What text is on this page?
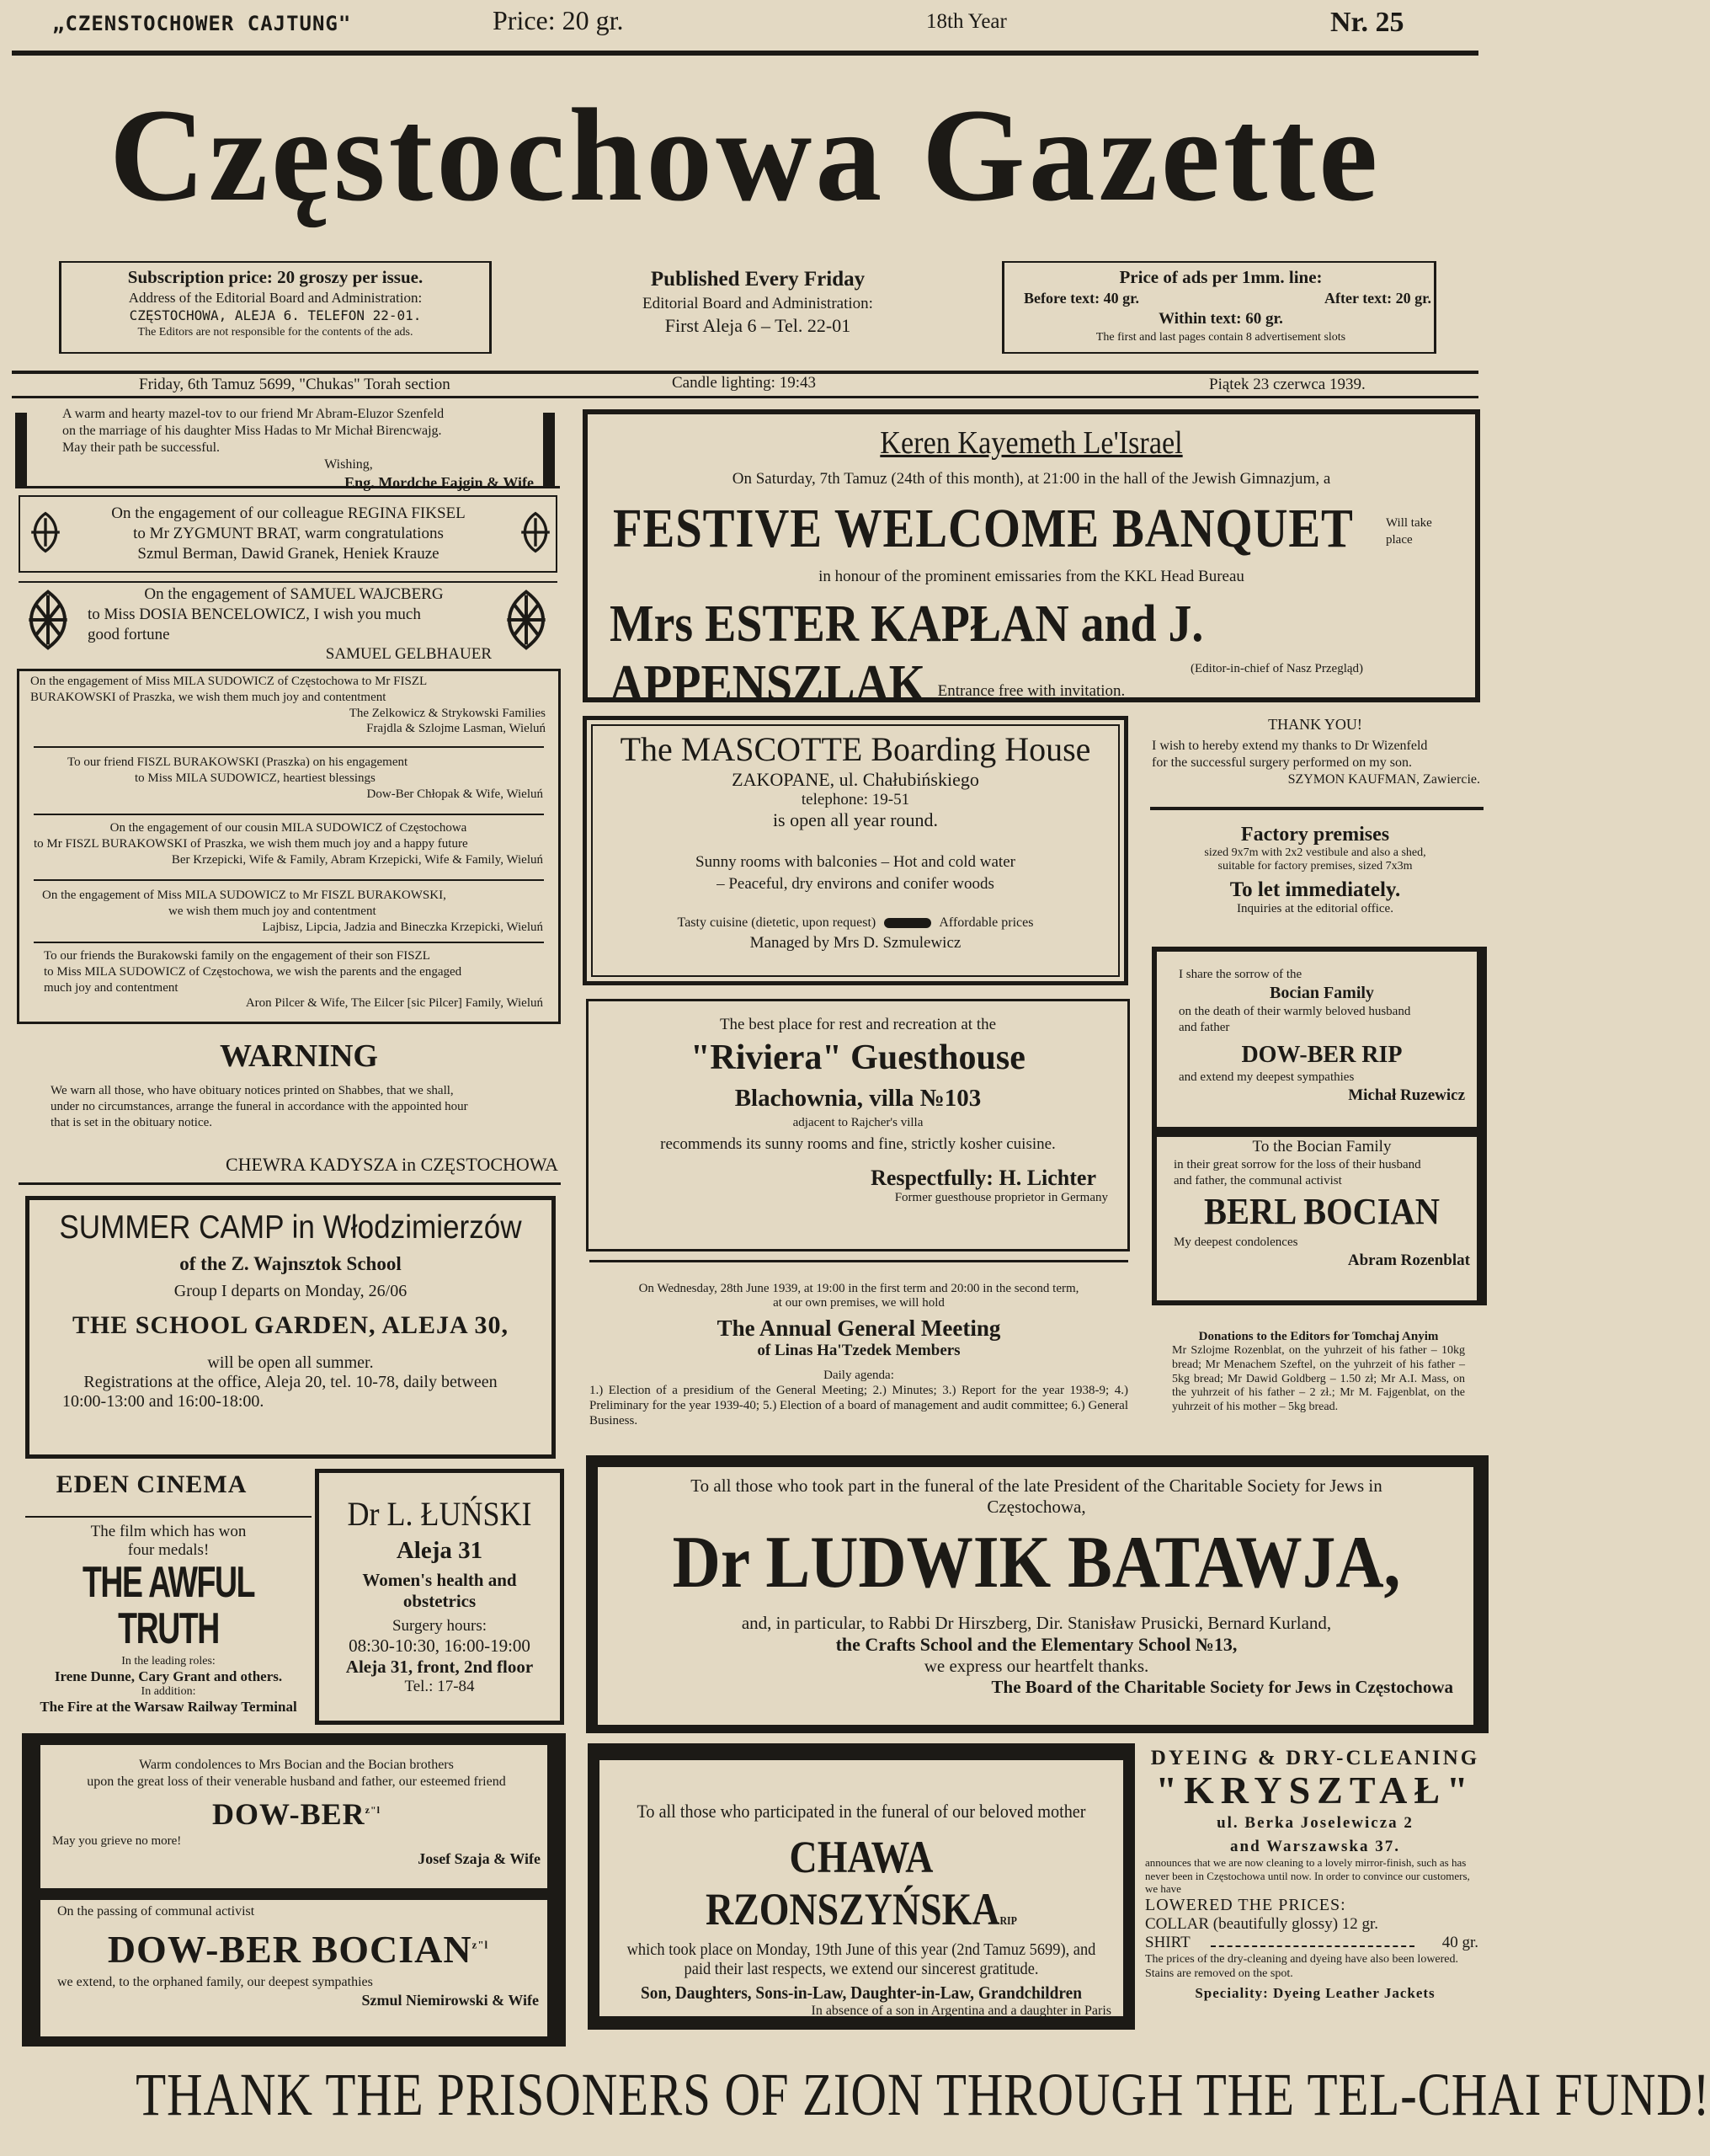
„CZENSTOCHOWER CAJTUNG"	Price: 20 gr.	18th Year	Nr. 25
Częstochowa Gazette
Subscription price: 20 groszy per issue.
Address of the Editorial Board and Administration:
CZĘSTOCHOWA, ALEJA 6. TELEFON 22-01.
The Editors are not responsible for the contents of the ads.
Published Every Friday
Editorial Board and Administration:
First Aleja 6 – Tel. 22-01
Price of ads per 1mm. line:
Before text: 40 gr.	After text: 20 gr.
Within text: 60 gr.
The first and last pages contain 8 advertisement slots
Friday, 6th Tamuz 5699, "Chukas" Torah section	Candle lighting: 19:43	Piątek 23 czerwca 1939.

A warm and hearty mazel-tov to our friend Mr Abram-Eluzor Szenfeld

on the marriage of his daughter Miss Hadas to Mr Michał Birencwajg.

May their path be successful.

Wishing,

Eng. Mordche Fajgin & Wife

On the engagement of our colleague REGINA FIKSEL

to Mr ZYGMUNT BRAT, warm congratulations

Szmul Berman, Dawid Granek, Heniek Krauze

On the engagement of SAMUEL WAJCBERG

to Miss DOSIA BENCELOWICZ, I wish you much

good fortune

SAMUEL GELBHAUER

On the engagement of Miss MILA SUDOWICZ of Częstochowa to Mr FISZL

BURAKOWSKI of Praszka, we wish them much joy and contentment

The Zelkowicz & Strykowski Families

Frajdla & Szlojme Lasman, Wieluń

To our friend FISZL BURAKOWSKI (Praszka) on his engagement

to Miss MILA SUDOWICZ, heartiest blessings

Dow-Ber Chłopak & Wife, Wieluń

On the engagement of our cousin MILA SUDOWICZ of Częstochowa

to Mr FISZL BURAKOWSKI of Praszka, we wish them much joy and a happy future

Ber Krzepicki, Wife & Family, Abram Krzepicki, Wife & Family, Wieluń

On the engagement of Miss MILA SUDOWICZ to Mr FISZL BURAKOWSKI,

we wish them much joy and contentment

Lajbisz, Lipcia, Jadzia and Bineczka Krzepicki, Wieluń

To our friends the Burakowski family on the engagement of their son FISZL

to Miss MILA SUDOWICZ of Częstochowa, we wish the parents and the engaged

much joy and contentment

Aron Pilcer & Wife, The Eilcer [sic Pilcer] Family, Wieluń

WARNING

We warn all those, who have obituary notices printed on Shabbes, that we shall,

under no circumstances, arrange the funeral in accordance with the appointed hour

that is set in the obituary notice.

CHEWRA KADYSZA in CZĘSTOCHOWA
SUMMER CAMP in Włodzimierzów
of the Z. Wajnsztok School
Group I departs on Monday, 26/06
THE SCHOOL GARDEN, ALEJA 30,
will be open all summer.
Registrations at the office, Aleja 20, tel. 10-78, daily between
10:00-13:00 and 16:00-18:00.
Keren Kayemeth Le'Israel
On Saturday, 7th Tamuz (24th of this month), at 21:00 in the hall of the Jewish Gimnazjum, a
FESTIVE WELCOME BANQUET	Will take place
in honour of the prominent emissaries from the KKL Head Bureau
Mrs ESTER KAPŁAN and J. APPENSZLAK	(Editor-in-chief of Nasz Przegląd)
Entrance free with invitation.
The MASCOTTE Boarding House
ZAKOPANE, ul. Chałubińskiego
telephone: 19-51
is open all year round.
Sunny rooms with balconies – Hot and cold water
– Peaceful, dry environs and conifer woods
Tasty cuisine (dietetic, upon request)	Affordable prices
Managed by Mrs D. Szmulewicz
THANK YOU!

I wish to hereby extend my thanks to Dr Wizenfeld

for the successful surgery performed on my son.

SZYMON KAUFMAN, Zawiercie.

Factory premises
sized 9x7m with 2x2 vestibule and also a shed,
suitable for factory premises, sized 7x3m
To let immediately.
Inquiries at the editorial office.
The best place for rest and recreation at the
"Riviera" Guesthouse
Blachownia, villa №103
adjacent to Rajcher's villa
recommends its sunny rooms and fine, strictly kosher cuisine.
Respectfully: H. Lichter
Former guesthouse proprietor in Germany

I share the sorrow of the

Bocian Family

on the death of their warmly beloved husband

and father

DOW-BER RIP

and extend my deepest sympathies

Michał Ruzewicz

To the Bocian Family

in their great sorrow for the loss of their husband

and father, the communal activist

BERL BOCIAN

My deepest condolences

Abram Rozenblat

On Wednesday, 28th June 1939, at 19:00 in the first term and 20:00 in the second term,
at our own premises, we will hold
The Annual General Meeting
of Linas Ha'Tzedek Members
Daily agenda:
1.) Election of a presidium of the General Meeting; 2.) Minutes; 3.) Report for the year 1938-9; 4.) Preliminary for the year 1939-40; 5.) Election of a board of management and audit committee; 6.) General Business.
Donations to the Editors for Tomchaj Anyim
Mr Szlojme Rozenblat, on the yuhrzeit of his father – 10kg bread; Mr Menachem Szeftel, on the yuhrzeit of his father – 5kg bread; Mr Dawid Goldberg – 1.50 zł; Mr A.I. Mass, on the yuhrzeit of his father – 2 zł.; Mr M. Fajgenblat, on the yuhrzeit of his mother – 5kg bread.
EDEN CINEMA
The film which has won
four medals!
THE AWFUL TRUTH
In the leading roles:
Irene Dunne, Cary Grant and others.
In addition:
The Fire at the Warsaw Railway Terminal
Dr L. ŁUŃSKI
Aleja 31
Women's health and
obstetrics
Surgery hours:
08:30-10:30, 16:00-19:00
Aleja 31, front, 2nd floor
Tel.: 17-84
To all those who took part in the funeral of the late President of the Charitable Society for Jews in
Częstochowa,
Dr LUDWIK BATAWJA,
and, in particular, to Rabbi Dr Hirszberg, Dir. Stanisław Prusicki, Bernard Kurland,
the Crafts School and the Elementary School №13,
we express our heartfelt thanks.
The Board of the Charitable Society for Jews in Częstochowa

Warm condolences to Mrs Bocian and the Bocian brothers

upon the great loss of their venerable husband and father, our esteemed friend

DOW-$BER^{z"l}$

May you grieve no more!

Josef Szaja & Wife

On the passing of communal activist

DOW-BER $BOCIAN^{z"l}$

we extend, to the orphaned family, our deepest sympathies

Szmul Niemirowski & Wife

To all those who participated in the funeral of our beloved mother
CHAWA RZONSZYŃSKARIP
which took place on Monday, 19th June of this year (2nd Tamuz 5699), and
paid their last respects, we extend our sincerest gratitude.
Son, Daughters, Sons-in-Law, Daughter-in-Law, Grandchildren
In absence of a son in Argentina and a daughter in Paris
DYEING & DRY-CLEANING
"KRYSZTAŁ"
ul. Berka Joselewicza 2
and Warszawska 37.
announces that we are now cleaning to a lovely mirror-finish, such as has never been in Częstochowa until now. In order to convince our customers, we have
LOWERED THE PRICES:
COLLAR (beautifully glossy) 12 gr.
SHIRT	40 gr.
The prices of the dry-cleaning and dyeing have also been lowered. Stains are removed on the spot.
Speciality: Dyeing Leather Jackets
THANK THE PRISONERS OF ZION THROUGH THE TEL-CHAI FUND!
